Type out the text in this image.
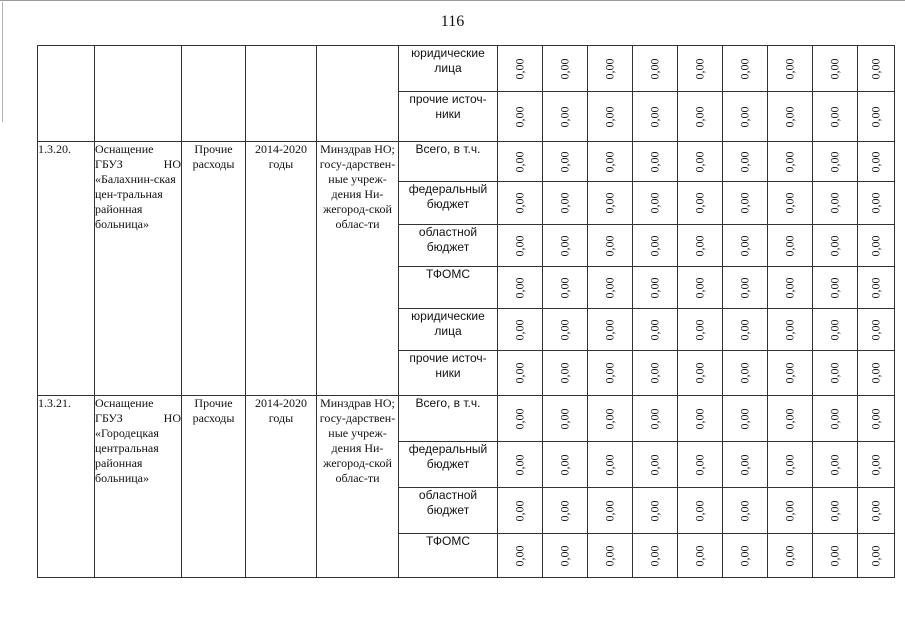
116
					юридические лица	0,00	0,00	0,00	0,00	0,00	0,00	0,00	0,00	0,00

					прочие источ-ники	0,00	0,00	0,00	0,00	0,00	0,00	0,00	0,00	0,00

1.3.20.	Оснащение ГБУЗ НО «Балахнин-ская цен-тральная районная больница»	Прочие расходы	2014-2020 годы	Минздрав НО; госу-дарствен-ные учреж-дения Ни-жегород-ской облас-ти	Всего, в т.ч.	0,00	0,00	0,00	0,00	0,00	0,00	0,00	0,00	0,00

					федеральный бюджет	0,00	0,00	0,00	0,00	0,00	0,00	0,00	0,00	0,00

					областной бюджет	0,00	0,00	0,00	0,00	0,00	0,00	0,00	0,00	0,00

					ТФОМС	0,00	0,00	0,00	0,00	0,00	0,00	0,00	0,00	0,00

					юридические лица	0,00	0,00	0,00	0,00	0,00	0,00	0,00	0,00	0,00

					прочие источ-ники	0,00	0,00	0,00	0,00	0,00	0,00	0,00	0,00	0,00

1.3.21.	Оснащение ГБУЗ НО «Городецкая центральная районная больница»	Прочие расходы	2014-2020 годы	Минздрав НО; госу-дарствен-ные учреж-дения Ни-жегород-ской облас-ти	Всего, в т.ч.	0,00	0,00	0,00	0,00	0,00	0,00	0,00	0,00	0,00

					федеральный бюджет	0,00	0,00	0,00	0,00	0,00	0,00	0,00	0,00	0,00

					областной бюджет	0,00	0,00	0,00	0,00	0,00	0,00	0,00	0,00	0,00

					ТФОМС	0,00	0,00	0,00	0,00	0,00	0,00	0,00	0,00	0,00
